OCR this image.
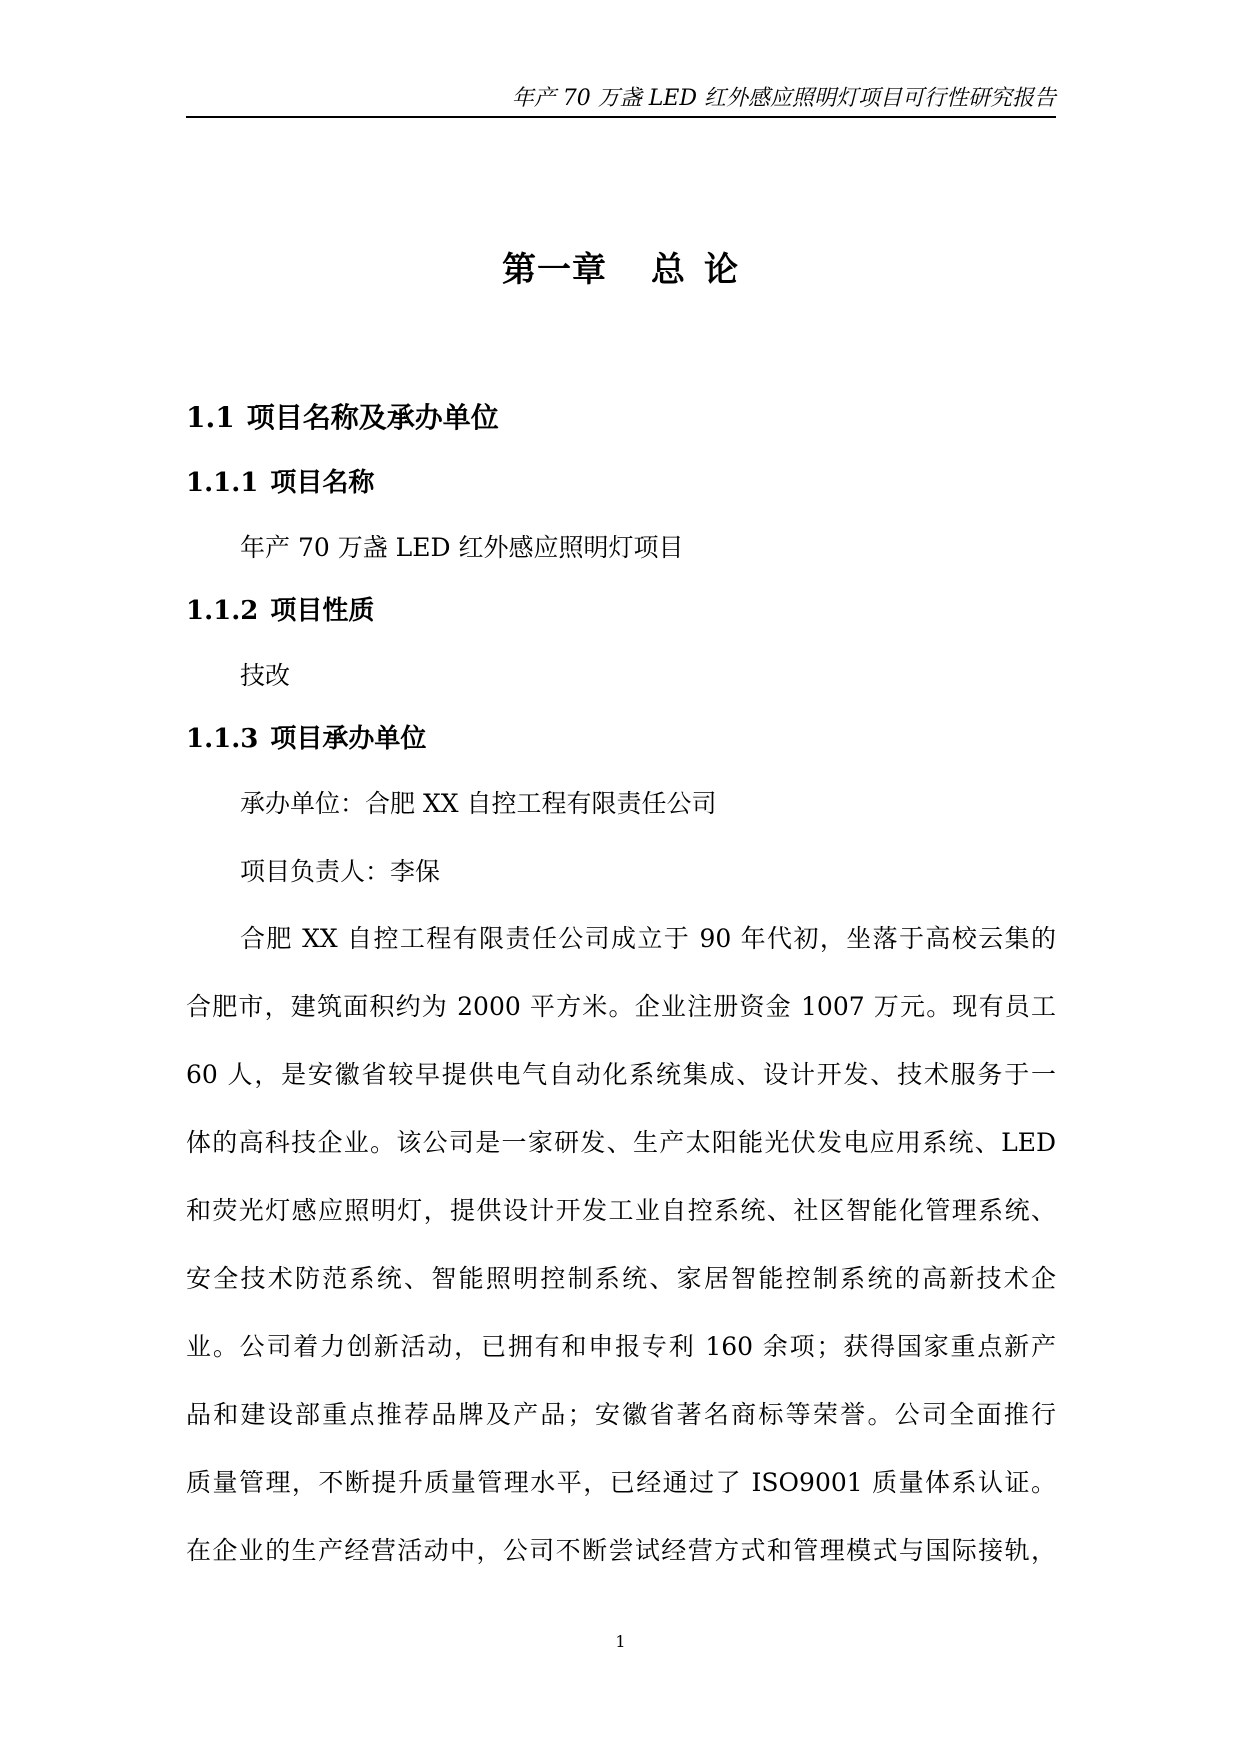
年产 70 万盏 LED 红外感应照明灯项目可行性研究报告
第一章 总 论
1.1 项目名称及承办单位
1.1.1 项目名称
年产 70 万盏 LED 红外感应照明灯项目
1.1.2 项目性质
技改
1.1.3 项目承办单位
承办单位：合肥 XX 自控工程有限责任公司
项目负责人：李保
合肥 XX 自控工程有限责任公司成立于 90 年代初，坐落于高校云集的
合肥市，建筑面积约为 2000 平方米。企业注册资金 1007 万元。现有员工
60 人，是安徽省较早提供电气自动化系统集成、设计开发、技术服务于一
体的高科技企业。该公司是一家研发、生产太阳能光伏发电应用系统、LED
和荧光灯感应照明灯，提供设计开发工业自控系统、社区智能化管理系统、
安全技术防范系统、智能照明控制系统、家居智能控制系统的高新技术企
业。公司着力创新活动，已拥有和申报专利 160 余项；获得国家重点新产
品和建设部重点推荐品牌及产品；安徽省著名商标等荣誉。公司全面推行
质量管理，不断提升质量管理水平，已经通过了 ISO9001 质量体系认证。
在企业的生产经营活动中，公司不断尝试经营方式和管理模式与国际接轨，
1
